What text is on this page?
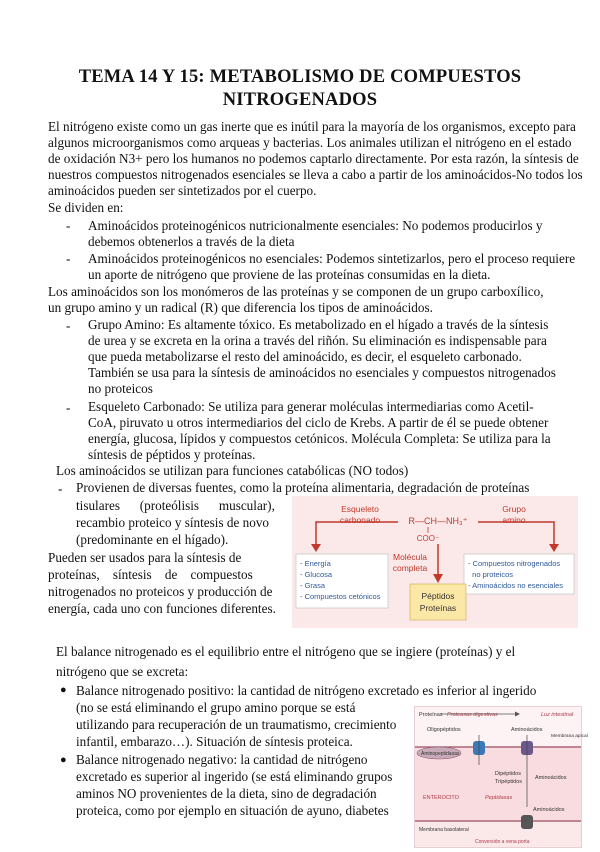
TEMA 14 Y 15: METABOLISMO DE COMPUESTOS
NITROGENADOS
El nitrógeno existe como un gas inerte que es inútil para la mayoría de los organismos, excepto para
algunos microorganismos como arqueas y bacterias. Los animales utilizan el nitrógeno en el estado
de oxidación N3+ pero los humanos no podemos captarlo directamente. Por esta razón, la síntesis de
nuestros compuestos nitrogenados esenciales se lleva a cabo a partir de los aminoácidos-No todos los
aminoácidos pueden ser sintetizados por el cuerpo.
Se dividen en:
- Aminoácidos proteinogénicos nutricionalmente esenciales: No podemos producirlos y
debemos obtenerlos a través de la dieta
- Aminoácidos proteinogénicos no esenciales: Podemos sintetizarlos, pero el proceso requiere
un aporte de nitrógeno que proviene de las proteínas consumidas en la dieta.
Los aminoácidos son los monómeros de las proteínas y se componen de un grupo carboxílico,
un grupo amino y un radical (R) que diferencia los tipos de aminoácidos.
- Grupo Amino: Es altamente tóxico. Es metabolizado en el hígado a través de la síntesis
de urea y se excreta en la orina a través del riñón. Su eliminación es indispensable para
que pueda metabolizarse el resto del aminoácido, es decir, el esqueleto carbonado.
También se usa para la síntesis de aminoácidos no esenciales y compuestos nitrogenados
no proteicos
- Esqueleto Carbonado: Se utiliza para generar moléculas intermediarias como Acetil-
CoA, piruvato u otros intermediarios del ciclo de Krebs. A partir de él se puede obtener
energía, glucosa, lípidos y compuestos cetónicos. Molécula Completa: Se utiliza para la
síntesis de péptidos y proteínas.
Los aminoácidos se utilizan para funciones catabólicas (NO todos)
- Provienen de diversas fuentes, como la proteína alimentaria, degradación de proteínas
tisulares      (proteólisis      muscular),
recambio proteico y síntesis de novo
(predominante en el hígado).
Pueden ser usados para la síntesis de
proteínas,    síntesis    de    compuestos
nitrogenados no proteicos y producción de
energía, cada uno con funciones diferentes.
Esqueleto
carbonado
Grupo
amino
R—CH—NH₃⁺
COO⁻
Molécula
completa
- Energía
- Glucosa
- Grasa
- Compuestos cetónicos
- Compuestos nitrogenados
no proteicos
- Aminoácidos no esenciales
Péptidos
Proteínas
El balance nitrogenado es el equilibrio entre el nitrógeno que se ingiere (proteínas) y el
nitrógeno que se excreta:
● Balance nitrogenado positivo: la cantidad de nitrógeno excretado es inferior al ingerido
(no se está eliminando el grupo amino porque se está
utilizando para recuperación de un traumatismo, crecimiento
infantil, embarazo…). Situación de síntesis proteica.
● Balance nitrogenado negativo: la cantidad de nitrógeno
excretado es superior al ingerido (se está eliminando grupos
aminos NO provenientes de la dieta, sino de degradación
proteica, como por ejemplo en situación de ayuno, diabetes
Proteínas Proteasas digestivas	Luz intestinal
Oligopéptidos	Aminoácidos
Membrana apical
Aminopeptidasas
Dipéptidos
Tripéptidos
Aminoácidos
ENTEROCITO	Peptidasas
Aminoácidos
Membrana basolateral
Conversión a vena porta
